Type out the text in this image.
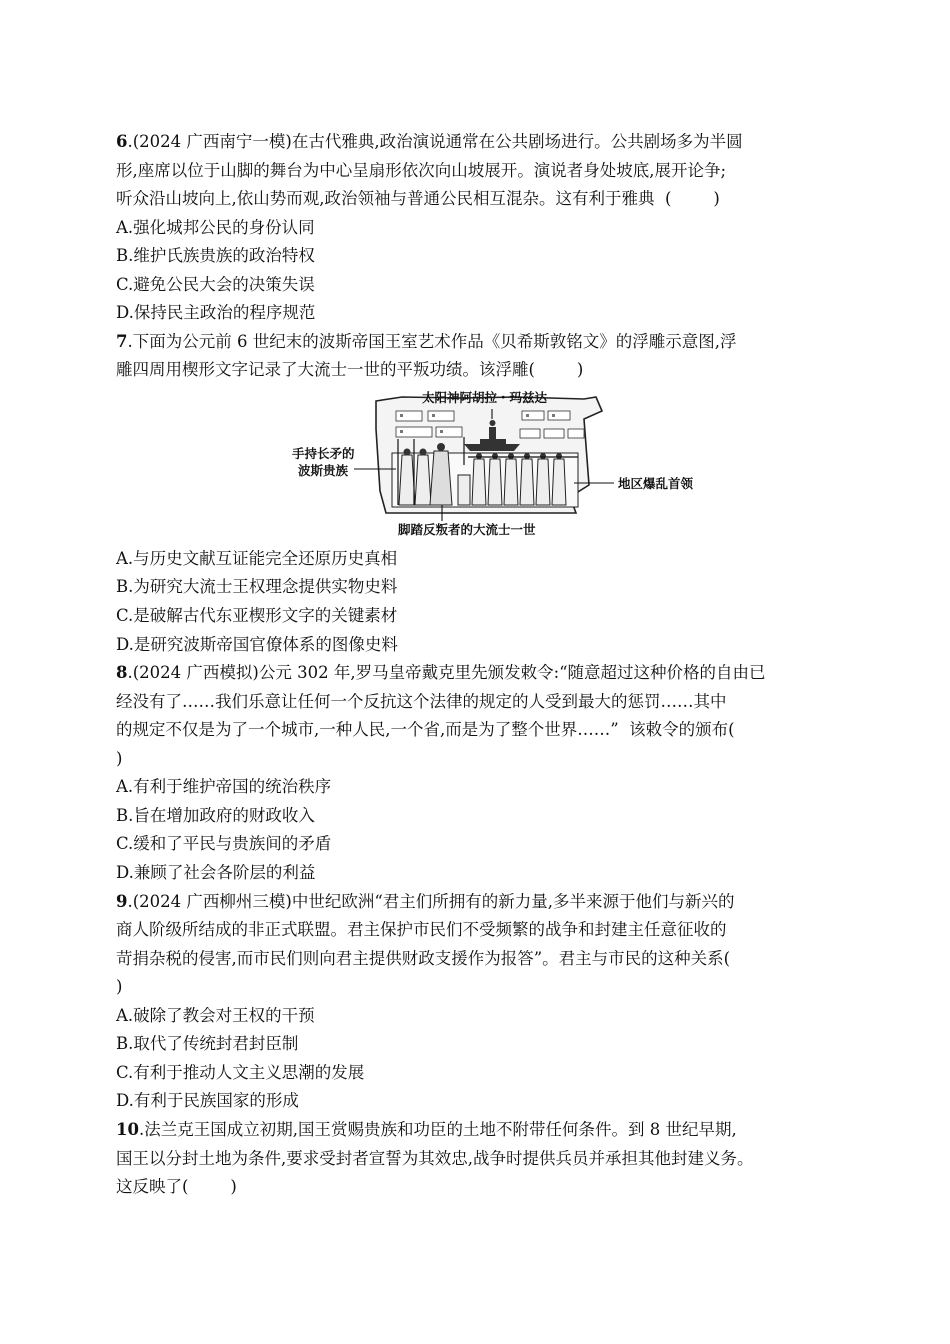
6.(2024 广西南宁一模)在古代雅典,政治演说通常在公共剧场进行。公共剧场多为半圆
形,座席以位于山脚的舞台为中心呈扇形依次向山坡展开。演说者身处坡底,展开论争;
听众沿山坡向上,依山势而观,政治领袖与普通公民相互混杂。这有利于雅典  (        )

A.强化城邦公民的身份认同

B.维护氏族贵族的政治特权

C.避免公民大会的决策失误

D.保持民主政治的程序规范

7.下面为公元前 6 世纪末的波斯帝国王室艺术作品《贝希斯敦铭文》的浮雕示意图,浮
雕四周用楔形文字记录了大流士一世的平叛功绩。该浮雕(        )

太阳神阿胡拉・玛兹达
手持长矛的
波斯贵族
地区爆乱首领
脚踏反叛者的大流士一世

A.与历史文献互证能完全还原历史真相

B.为研究大流士王权理念提供实物史料

C.是破解古代东亚楔形文字的关键素材

D.是研究波斯帝国官僚体系的图像史料

8.(2024 广西模拟)公元 302 年,罗马皇帝戴克里先颁发敕令:“随意超过这种价格的自由已
经没有了……我们乐意让任何一个反抗这个法律的规定的人受到最大的惩罚……其中
的规定不仅是为了一个城市,一种人民,一个省,而是为了整个世界……”  该敕令的颁布(
)

A.有利于维护帝国的统治秩序

B.旨在增加政府的财政收入

C.缓和了平民与贵族间的矛盾

D.兼顾了社会各阶层的利益

9.(2024 广西柳州三模)中世纪欧洲“君主们所拥有的新力量,多半来源于他们与新兴的
商人阶级所结成的非正式联盟。君主保护市民们不受频繁的战争和封建主任意征收的
苛捐杂税的侵害,而市民们则向君主提供财政支援作为报答”。君主与市民的这种关系(
)

A.破除了教会对王权的干预

B.取代了传统封君封臣制

C.有利于推动人文主义思潮的发展

D.有利于民族国家的形成

10.法兰克王国成立初期,国王赏赐贵族和功臣的土地不附带任何条件。到 8 世纪早期,
国王以分封土地为条件,要求受封者宣誓为其效忠,战争时提供兵员并承担其他封建义务。
这反映了(        )
